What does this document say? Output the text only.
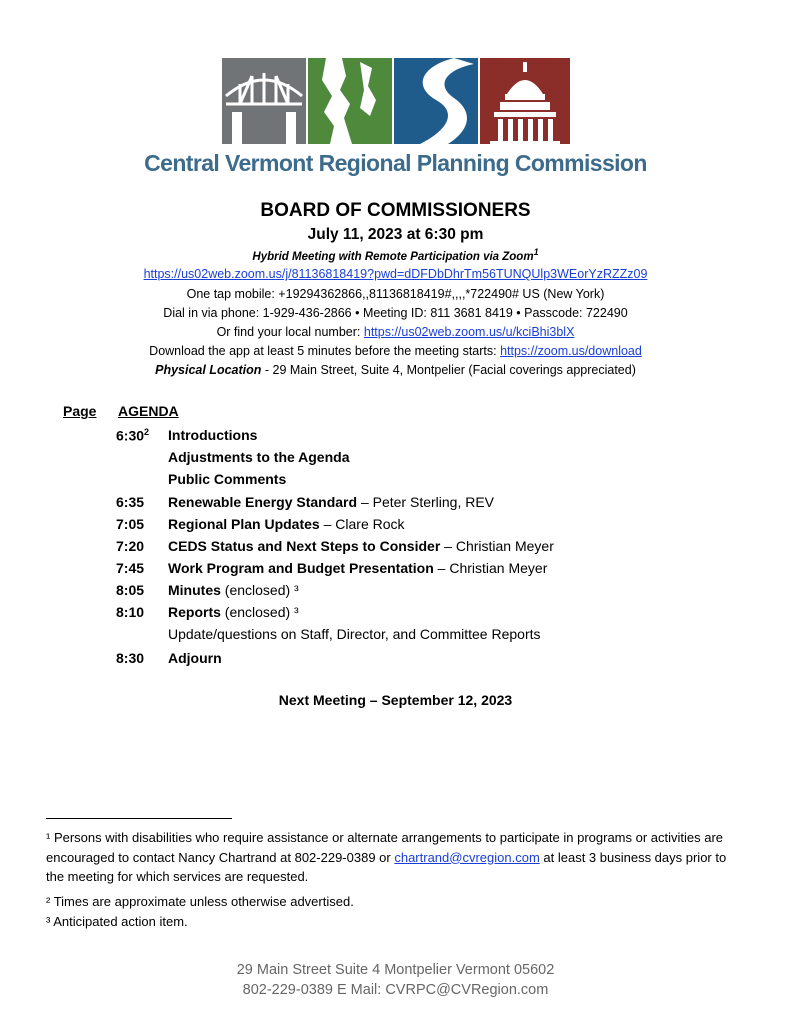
Central Vermont Regional Planning Commission
BOARD OF COMMISSIONERS
July 11, 2023 at 6:30 pm
Hybrid Meeting with Remote Participation via Zoom$^1$
https://us02web.zoom.us/j/81136818419?pwd=dDFDbDhrTm56TUNQUlp3WEorYzRZZz09
One tap mobile: +19294362866,,81136818419#,,,,*722490# US (New York)
Dial in via phone: 1-929-436-2866 • Meeting ID: 811 3681 8419 • Passcode: 722490
Or find your local number: https://us02web.zoom.us/u/kciBhi3blX
Download the app at least 5 minutes before the meeting starts: https://zoom.us/download
Physical Location - 29 Main Street, Suite 4, Montpelier (Facial coverings appreciated)
Page AGENDA
$6:30^2$	Introductions
Adjustments to the Agenda
Public Comments
6:35	Renewable Energy Standard – Peter Sterling, REV
7:05	Regional Plan Updates – Clare Rock
7:20	CEDS Status and Next Steps to Consider – Christian Meyer
7:45	Work Program and Budget Presentation – Christian Meyer
8:05	Minutes (enclosed) ³
8:10	Reports (enclosed) ³
Update/questions on Staff, Director, and Committee Reports
8:30	Adjourn
Next Meeting – September 12, 2023
¹ Persons with disabilities who require assistance or alternate arrangements to participate in programs or activities are encouraged to contact Nancy Chartrand at 802-229-0389 or chartrand@cvregion.com at least 3 business days prior to the meeting for which services are requested.
² Times are approximate unless otherwise advertised.
³ Anticipated action item.
29 Main Street Suite 4 Montpelier Vermont 05602
802-229-0389 E Mail: CVRPC@CVRegion.com
